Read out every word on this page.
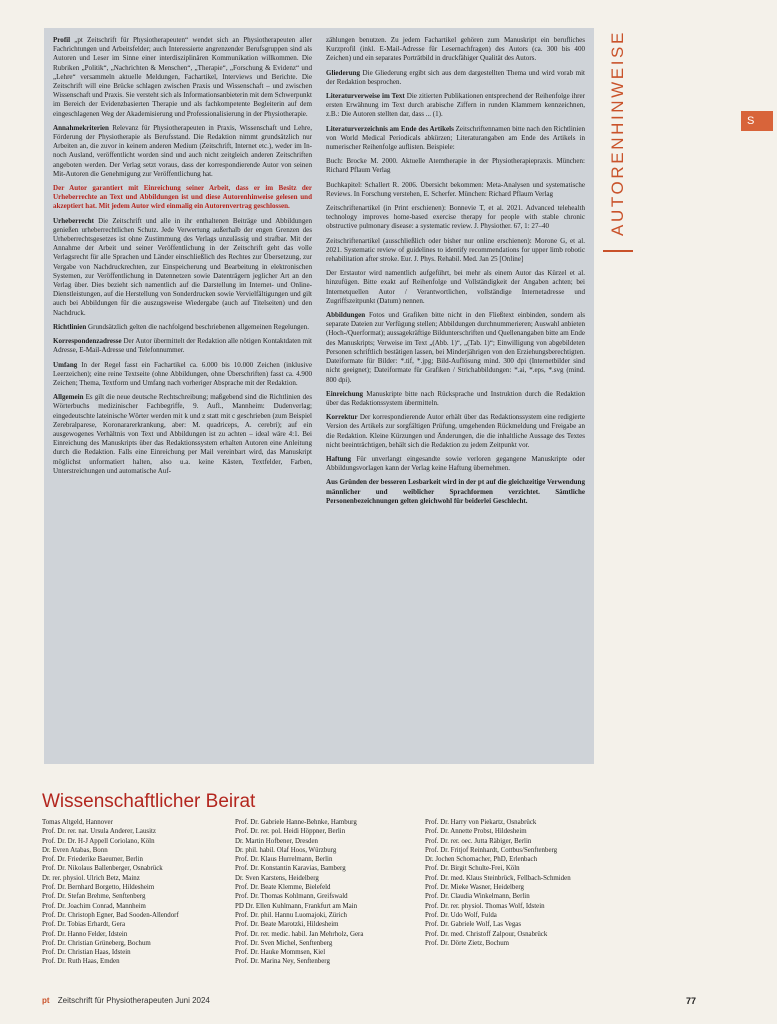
Profil „pt Zeitschrift für Physiotherapeuten“ wendet sich an Physiotherapeuten aller Fachrichtungen und Arbeitsfelder; auch Interessierte angrenzender Berufsgruppen sind als Autoren und Leser im Sinne einer interdisziplinären Kommunikation willkommen. Die Rubriken „Politik“, „Nachrichten & Menschen“, „Therapie“, „Forschung & Evidenz“ und „Lehre“ versammeln aktuelle Meldungen, Fachartikel, Interviews und Berichte. Die Zeitschrift will eine Brücke schlagen zwischen Praxis und Wissenschaft – und zwischen Wissenschaft und Praxis. Sie versteht sich als Informationsanbieterin mit dem Schwerpunkt im Bereich der Evidenzbasierten Therapie und als fachkompetente Begleiterin auf dem eingeschlagenen Weg der Akademisierung und Professionalisierung in der Physiotherapie.

Annahmekriterien Relevanz für Physiotherapeuten in Praxis, Wissenschaft und Lehre, Förderung der Physiotherapie als Berufsstand. Die Redaktion nimmt grundsätzlich nur Arbeiten an, die zuvor in keinem anderen Medium (Zeitschrift, Internet etc.), weder im In- noch Ausland, veröffentlicht worden sind und auch nicht zeitgleich anderen Zeitschriften angeboten werden. Der Verlag setzt voraus, dass der korrespondierende Autor von seinen Mit-Autoren die Genehmigung zur Veröffentlichung hat.

Der Autor garantiert mit Einreichung seiner Arbeit, dass er im Besitz der Urheberrechte an Text und Abbildungen ist und diese Autorenhinweise gelesen und akzeptiert hat. Mit jedem Autor wird einmalig ein Autorenvertrag geschlossen.

Urheberrecht Die Zeitschrift und alle in ihr enthaltenen Beiträge und Abbildungen genießen urheberrechtlichen Schutz. Jede Verwertung außerhalb der engen Grenzen des Urheberrechtsgesetzes ist ohne Zustimmung des Verlags unzulässig und strafbar. Mit der Annahme der Arbeit und seiner Veröffentlichung in der Zeitschrift geht das volle Verlagsrecht für alle Sprachen und Länder einschließlich des Rechtes zur Übersetzung, zur Vergabe von Nachdruckrechten, zur Einspeicherung und Bearbeitung in elektronischen Systemen, zur Veröffentlichung in Datennetzen sowie Datenträgern jeglicher Art an den Verlag über. Dies bezieht sich namentlich auf die Darstellung im Internet- und Online-Dienstleistungen, auf die Herstellung von Sonderdrucken sowie Vervielfältigungen und gilt auch bei Abbildungen für die auszugsweise Wiedergabe (auch auf Titelseiten) und den Nachdruck.

Richtlinien Grundsätzlich gelten die nachfolgend beschriebenen allgemeinen Regelungen.

Korrespondenzadresse Der Autor übermittelt der Redaktion alle nötigen Kontaktdaten mit Adresse, E-Mail-Adresse und Telefonnummer.

Umfang In der Regel fasst ein Fachartikel ca. 6.000 bis 10.000 Zeichen (inklusive Leerzeichen); eine reine Textseite (ohne Abbildungen, ohne Überschriften) fasst ca. 4.900 Zeichen; Thema, Textform und Umfang nach vorheriger Absprache mit der Redaktion.

Allgemein Es gilt die neue deutsche Rechtschreibung; maßgebend sind die Richtlinien des Wörterbuchs medizinischer Fachbegriffe, 9. Aufl., Mannheim: Dudenverlag; eingedeutschte lateinische Wörter werden mit k und z statt mit c geschrieben (zum Beispiel Zerebralparese, Koronararerkrankung, aber: M. quadriceps, A. cerebri); auf ein ausgewogenes Verhältnis von Text und Abbildungen ist zu achten – ideal wäre 4:1. Bei Einreichung des Manuskripts über das Redaktionssystem erhalten Autoren eine Anleitung durch die Redaktion. Falls eine Einreichung per Mail vereinbart wird, das Manuskript möglichst unformatiert halten, also u.a. keine Kästen, Textfelder, Farben, Unterstreichungen und automatische Auf-

zählungen benutzen. Zu jedem Fachartikel gehören zum Manuskript ein berufliches Kurzprofil (inkl. E-Mail-Adresse für Lesernachfragen) des Autors (ca. 300 bis 400 Zeichen) und ein separates Porträtbild in druckfähiger Qualität des Autors.

Gliederung Die Gliederung ergibt sich aus dem dargestellten Thema und wird vorab mit der Redaktion besprochen.

Literaturverweise im Text Die zitierten Publikationen entsprechend der Reihenfolge ihrer ersten Erwähnung im Text durch arabische Ziffern in runden Klammern kennzeichnen, z.B.: Die Autoren stellten dar, dass ... (1).

Literaturverzeichnis am Ende des Artikels Zeitschriftennamen bitte nach den Richtlinien von World Medical Periodicals abkürzen; Literaturangaben am Ende des Artikels in numerischer Reihenfolge auflisten. Beispiele:

Buch: Brocke M. 2000. Aktuelle Atemtherapie in der Physiotherapiepraxis. München: Richard Pflaum Verlag

Buchkapitel: Schallert R. 2006. Übersicht bekommen: Meta-Analysen und systematische Reviews. In Forschung verstehen, E. Scherfer. München: Richard Pflaum Verlag

Zeitschriftenartikel (in Print erschienen): Bonnevie T, et al. 2021. Advanced telehealth technology improves home-based exercise therapy for people with stable chronic obstructive pulmonary disease: a systematic review. J. Physiother. 67, 1: 27–40

Zeitschriftenartikel (ausschließlich oder bisher nur online erschienen): Morone G, et al. 2021. Systematic review of guidelines to identify recommendations for upper limb robotic rehabilitation after stroke. Eur. J. Phys. Rehabil. Med. Jan 25 [Online]

Der Erstautor wird namentlich aufgeführt, bei mehr als einem Autor das Kürzel et al. hinzufügen. Bitte exakt auf Reihenfolge und Vollständigkeit der Angaben achten; bei Internetquellen Autor / Verantwortlichen, vollständige Internetadresse und Zugriffszeitpunkt (Datum) nennen.

Abbildungen Fotos und Grafiken bitte nicht in den Fließtext einbinden, sondern als separate Dateien zur Verfügung stellen; Abbildungen durchnummerieren; Auswahl anbieten (Hoch-/Querformat); aussagekräftige Bildunterschriften und Quellenangaben bitte am Ende des Manuskripts; Verweise im Text „(Abb. 1)“, „(Tab. 1)“; Einwilligung von abgebildeten Personen schriftlich bestätigen lassen, bei Minderjährigen von den Erziehungsberechtigten. Dateiformate für Bilder: *.tif, *.jpg; Bild-Auflösung mind. 300 dpi (Internetbilder sind nicht geeignet); Dateiformate für Grafiken / Strichabbildungen: *.ai, *.eps, *.svg (mind. 800 dpi).

Einreichung Manuskripte bitte nach Rücksprache und Instruktion durch die Redaktion über das Redaktionssystem übermitteln.

Korrektur Der korrespondierende Autor erhält über das Redaktionssystem eine redigierte Version des Artikels zur sorgfältigen Prüfung, umgehenden Rückmeldung und Freigabe an die Redaktion. Kleine Kürzungen und Änderungen, die die inhaltliche Aussage des Textes nicht beeinträchtigen, behält sich die Redaktion zu jedem Zeitpunkt vor.

Haftung Für unverlangt eingesandte sowie verloren gegangene Manuskripte oder Abbildungsvorlagen kann der Verlag keine Haftung übernehmen.

Aus Gründen der besseren Lesbarkeit wird in der pt auf die gleichzeitige Verwendung männlicher und weiblicher Sprachformen verzichtet. Sämtliche Personenbezeichnungen gelten gleichwohl für beiderlei Geschlecht.

AUTORENHINWEISE	S
Wissenschaftlicher Beirat
Tomas Altgeld, Hannover
Prof. Dr. rer. nat. Ursula Anderer, Lausitz
Prof. Dr. Dr. H-J Appell Coriolano, Köln
Dr. Evren Atabas, Bonn
Prof. Dr. Friederike Baeumer, Berlin
Prof. Dr. Nikolaus Ballenberger, Osnabrück
Dr. rer. physiol. Ulrich Betz, Mainz
Prof. Dr. Bernhard Borgetto, Hildesheim
Prof. Dr. Stefan Brehme, Senftenberg
Prof. Dr. Joachim Conrad, Mannheim
Prof. Dr. Christoph Egner, Bad Sooden-Allendorf
Prof. Dr. Tobias Erhardt, Gera
Prof. Dr. Hanno Felder, Idstein
Prof. Dr. Christian Grüneberg, Bochum
Prof. Dr. Christian Haas, Idstein
Prof. Dr. Ruth Haas, Emden
Prof. Dr. Gabriele Hanne-Behnke, Hamburg
Prof. Dr. rer. pol. Heidi Höppner, Berlin
Dr. Martin Hofbener, Dresden
Dr. phil. habil. Olaf Hoos, Würzburg
Prof. Dr. Klaus Hurrelmann, Berlin
Prof. Dr. Konstantin Karavias, Bamberg
Dr. Sven Karstens, Heidelberg
Prof. Dr. Beate Klemme, Bielefeld
Prof. Dr. Thomas Kohlmann, Greifswald
PD Dr. Ellen Kuhlmann, Frankfurt am Main
Prof. Dr. phil. Hannu Luomajoki, Zürich
Prof. Dr. Beate Marotzki, Hildesheim
Prof. Dr. rer. medic. habil. Jan Mehrholz, Gera
Prof. Dr. Sven Michel, Senftenberg
Prof. Dr. Hauke Mommsen, Kiel
Prof. Dr. Marina Ney, Senftenberg
Prof. Dr. Harry von Piekartz, Osnabrück
Prof. Dr. Annette Probst, Hildesheim
Prof. Dr. rer. oec. Jutta Räbiger, Berlin
Prof. Dr. Fritjof Reinhardt, Cottbus/Senftenberg
Dr. Jochen Schomacher, PhD, Erlenbach
Prof. Dr. Birgit Schulte-Frei, Köln
Prof. Dr. med. Klaus Steinbrück, Fellbach-Schmiden
Prof. Dr. Mieke Wasner, Heidelberg
Prof. Dr. Claudia Winkelmann, Berlin
Prof. Dr. rer. physiol. Thomas Wolf, Idstein
Prof. Dr. Udo Wolf, Fulda
Prof. Dr. Gabriele Wolf, Las Vegas
Prof. Dr. med. Christoff Zalpour, Osnabrück
Prof. Dr. Dörte Zietz, Bochum
pt Zeitschrift für Physiotherapeuten Juni 2024	77
